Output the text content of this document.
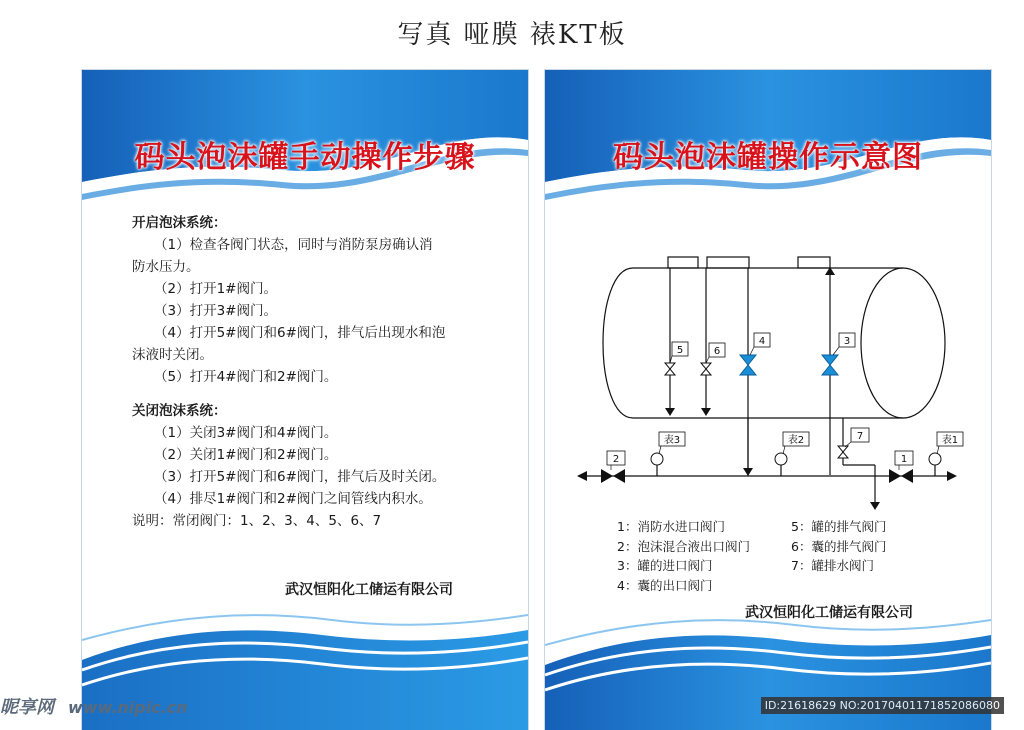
写真 哑膜 裱KT板
码头泡沫罐手动操作步骤
开启泡沫系统：
（1）检查各阀门状态，同时与消防泵房确认消
防水压力。
（2）打开1#阀门。
（3）打开3#阀门。
（4）打开5#阀门和6#阀门，排气后出现水和泡
沫液时关闭。
（5）打开4#阀门和2#阀门。
关闭泡沫系统：
（1）关闭3#阀门和4#阀门。
（2）关闭1#阀门和2#阀门。
（3）打开5#阀门和6#阀门，排气后及时关闭。
（4）排尽1#阀门和2#阀门之间管线内积水。
说明：常闭阀门：1、2、3、4、5、6、7
武汉恒阳化工储运有限公司
码头泡沫罐操作示意图
5	6
4	3
7
2	1
表3	表2	表1
1：消防水进口阀门
2：泡沫混合液出口阀门
3：罐的进口阀门
4：囊的出口阀门
5：罐的排气阀门
6：囊的排气阀门
7：罐排水阀门
武汉恒阳化工储运有限公司
昵享网 www.nipic.cn	ID:21618629 NO:20170401171852086080
